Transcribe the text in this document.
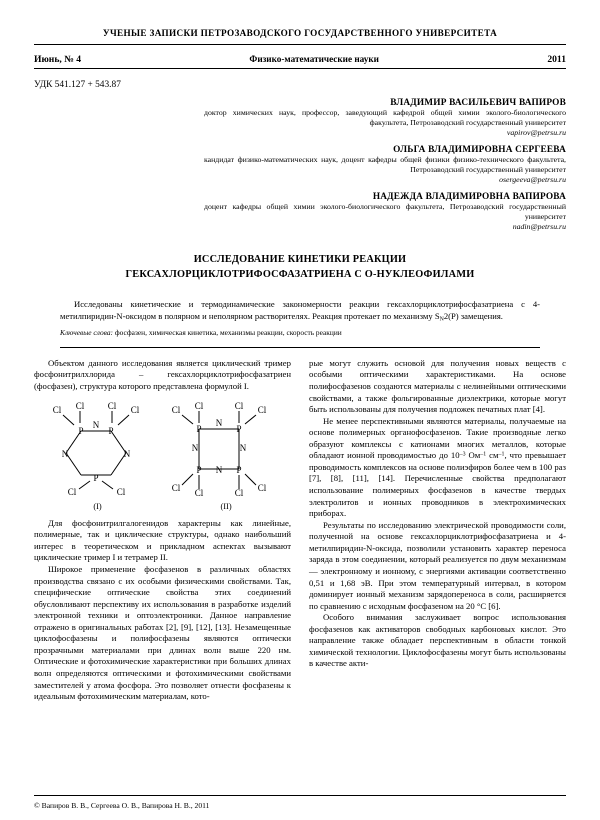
УЧЕНЫЕ ЗАПИСКИ ПЕТРОЗАВОДСКОГО ГОСУДАРСТВЕННОГО УНИВЕРСИТЕТА
Июнь, № 4	Физико-математические науки	2011
УДК 541.127 + 543.87
ВЛАДИМИР ВАСИЛЬЕВИЧ ВАПИРОВ
доктор химических наук, профессор, заведующий кафедрой общей химии эколого-биологического факультета, Петрозаводский государственный университет
vapirov@petrsu.ru
ОЛЬГА ВЛАДИМИРОВНА СЕРГЕЕВА
кандидат физико-математических наук, доцент кафедры общей физики физико-технического факультета, Петрозаводский государственный университет
osergeeva@petrsu.ru
НАДЕЖДА ВЛАДИМИРОВНА ВАПИРОВА
доцент кафедры общей химии эколого-биологического факультета, Петрозаводский государственный университет
nadin@petrsu.ru
ИССЛЕДОВАНИЕ КИНЕТИКИ РЕАКЦИИ
ГЕКСАХЛОРЦИКЛОТРИФОСФАЗАТРИЕНА С О-НУКЛЕОФИЛАМИ
Исследованы кинетические и термодинамические закономерности реакции гексахлорциклотрифосфазатриена с 4-метилпиридин-N-оксидом в полярном и неполярном растворителях. Реакция протекает по механизму $S_N2(P)$ замещения.
Ключевые слова: фосфазен, химическая кинетика, механизмы реакции, скорость реакции

Объектом данного исследования является циклический тример фосфонитрилхлорида – гексахлорциклотрифосфазатриен (фосфазен), структура которого представлена формулой I.

P	P
P
N
N
N
Cl Cl	Cl
Cl
Cl
Cl
P	P
P	P
N
N
N
N
Cl Cl	Cl
Cl
Cl
Cl
Cl Cl
(I)	(II)

Для фосфонитрилгалогенидов характерны как линейные, полимерные, так и циклические структуры, однако наибольший интерес в теоретическом и прикладном аспектах вызывают циклические тример I и тетрамер II.

Широкое применение фосфазенов в различных областях производства связано с их особыми физическими свойствами. Так, специфические оптические свойства этих соединений обусловливают перспективу их использования в разработке изделий электронной техники и оптоэлектроники. Данное направление отражено в оригинальных работах [2], [9], [12], [13]. Незамещенные циклофосфазены и полифосфазены являются оптически прозрачными материалами при длинах волн выше 220 нм. Оптические и фотохимические характеристики при больших длинах волн определяются оптическими и фотохимическими свойствами заместителей у атома фосфора. Это позволяет отнести фосфазены к идеальным фотохимическим материалам, кото-

рые могут служить основой для получения новых веществ с особыми оптическими характеристиками. На основе полифосфазенов создаются материалы с нелинейными оптическими свойствами, а также фольгированные диэлектрики, которые могут быть использованы для получения подложек печатных плат [4].

Не менее перспективными являются материалы, получаемые на основе полимерных органофосфазенов. Такие производные легко образуют комплексы с катионами многих металлов, которые обладают ионной проводимостью до $10^{-3}$ $Ом^{-1}$ $см^{-1}$, что превышает проводимость комплексов на основе полиэфиров более чем в 100 раз [7], [8], [11], [14]. Перечисленные свойства предполагают использование полимерных фосфазенов в качестве твердых электролитов и ионных проводников в электрохимических приборах.

Результаты по исследованию электрической проводимости соли, полученной на основе гексахлорциклотрифосфазатриена и 4-метилпиридин-N-оксида, позволили установить характер переноса заряда в этом соединении, который реализуется по двум механизмам — электронному и ионному, с энергиями активации соответственно 0,51 и 1,68 эВ. При этом температурный интервал, в котором доминирует ионный механизм зарядопереноса в соли, расширяется по сравнению с исходным фосфазеном на 20 °C [6].

Особого внимания заслуживает вопрос использования фосфазенов как активаторов свободных карбоновых кислот. Это направление также обладает перспективным в области тонкой химической технологии. Циклофосфазены могут быть использованы в качестве акти-

© Вапиров В. В., Сергеева О. В., Вапирова Н. В., 2011
